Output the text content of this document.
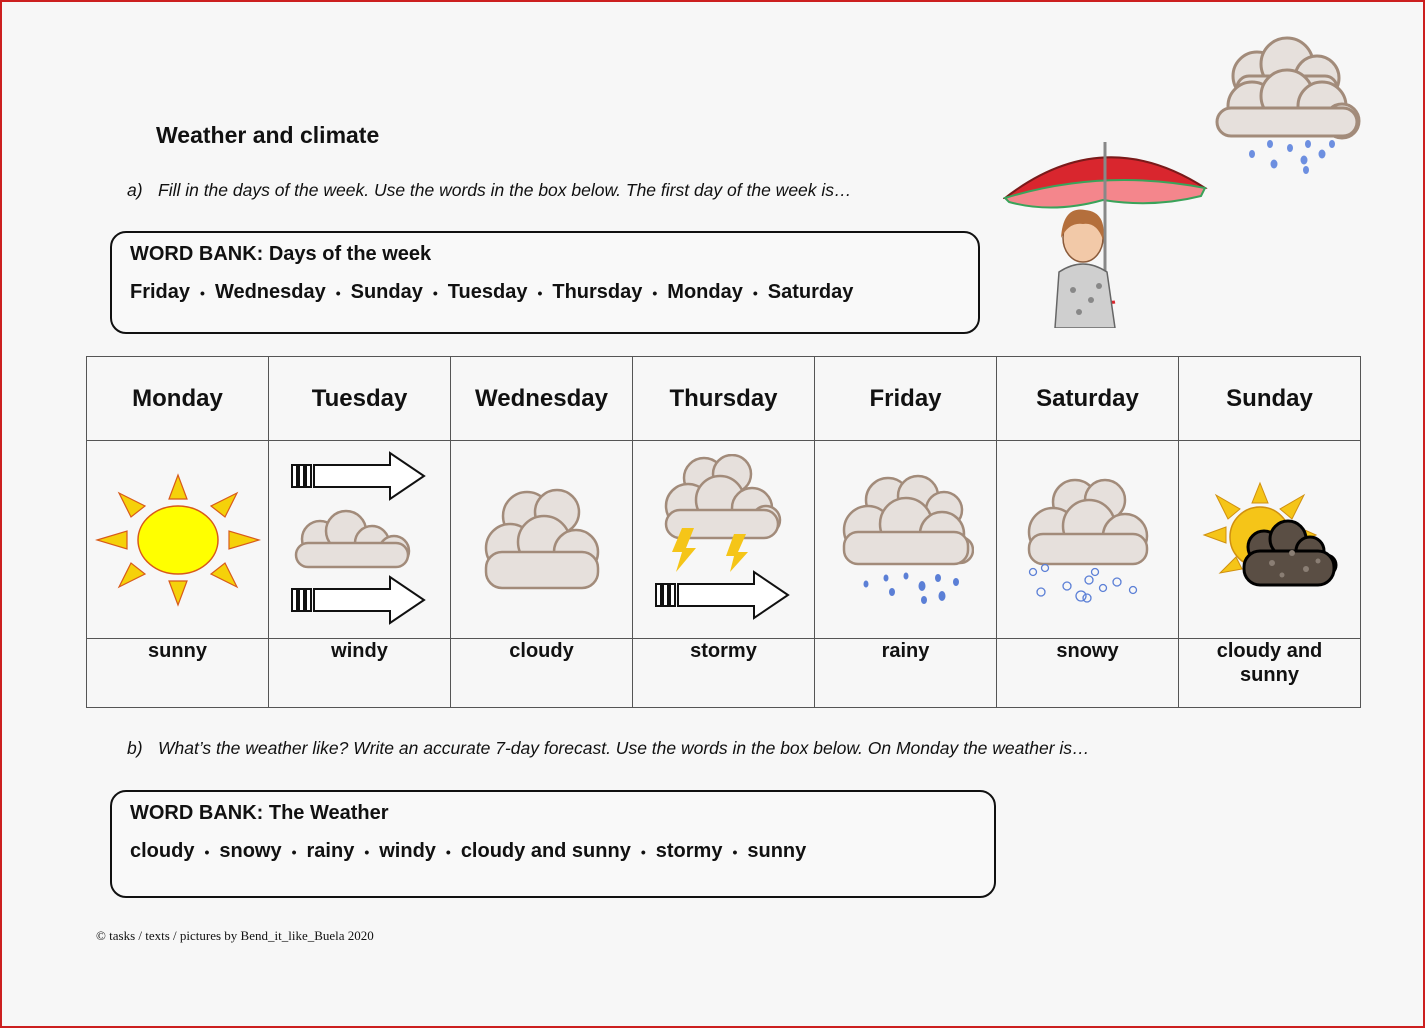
Weather and climate
a) Fill in the days of the week. Use the words in the box below. The first day of the week is…
WORD BANK: Days of the week
Friday • Wednesday • Sunday • Tuesday • Thursday • Monday • Saturday
Monday	Tuesday	Wednesday	Thursday	Friday	Saturday	Sunday

sunny	windy	cloudy	stormy	rainy	snowy	cloudy and sunny
b) What’s the weather like? Write an accurate 7-day forecast. Use the words in the box below. On Monday the weather is…
WORD BANK: The Weather
cloudy • snowy • rainy • windy • cloudy and sunny • stormy • sunny
© tasks / texts / pictures by Bend_it_like_Buela 2020
